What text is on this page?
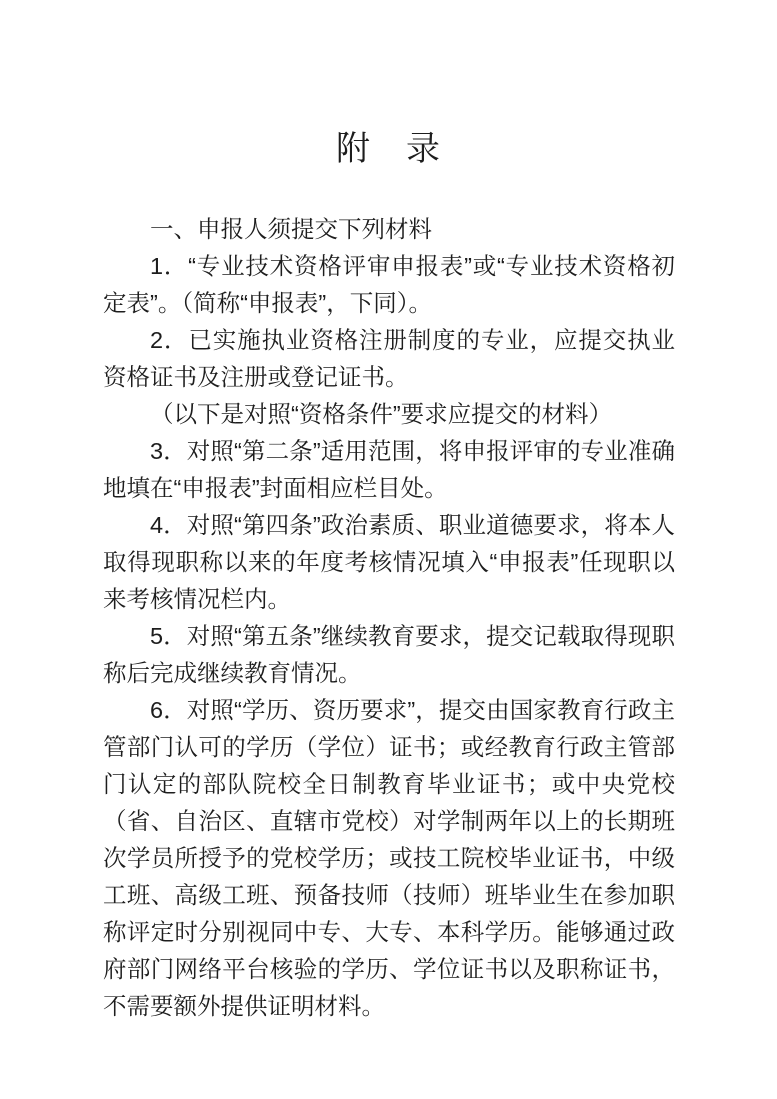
附　录

一、申报人须提交下列材料

1．“专业技术资格评审申报表”或“专业技术资格初定表”。（简称“申报表”，下同）。

2．已实施执业资格注册制度的专业，应提交执业资格证书及注册或登记证书。

（以下是对照“资格条件”要求应提交的材料）

3．对照“第二条”适用范围，将申报评审的专业准确地填在“申报表”封面相应栏目处。

4．对照“第四条”政治素质、职业道德要求，将本人取得现职称以来的年度考核情况填入“申报表”任现职以来考核情况栏内。

5．对照“第五条”继续教育要求，提交记载取得现职称后完成继续教育情况。

6．对照“学历、资历要求”，提交由国家教育行政主管部门认可的学历（学位）证书；或经教育行政主管部门认定的部队院校全日制教育毕业证书；或中央党校（省、自治区、直辖市党校）对学制两年以上的长期班次学员所授予的党校学历；或技工院校毕业证书，中级工班、高级工班、预备技师（技师）班毕业生在参加职称评定时分别视同中专、大专、本科学历。能够通过政府部门网络平台核验的学历、学位证书以及职称证书，不需要额外提供证明材料。
